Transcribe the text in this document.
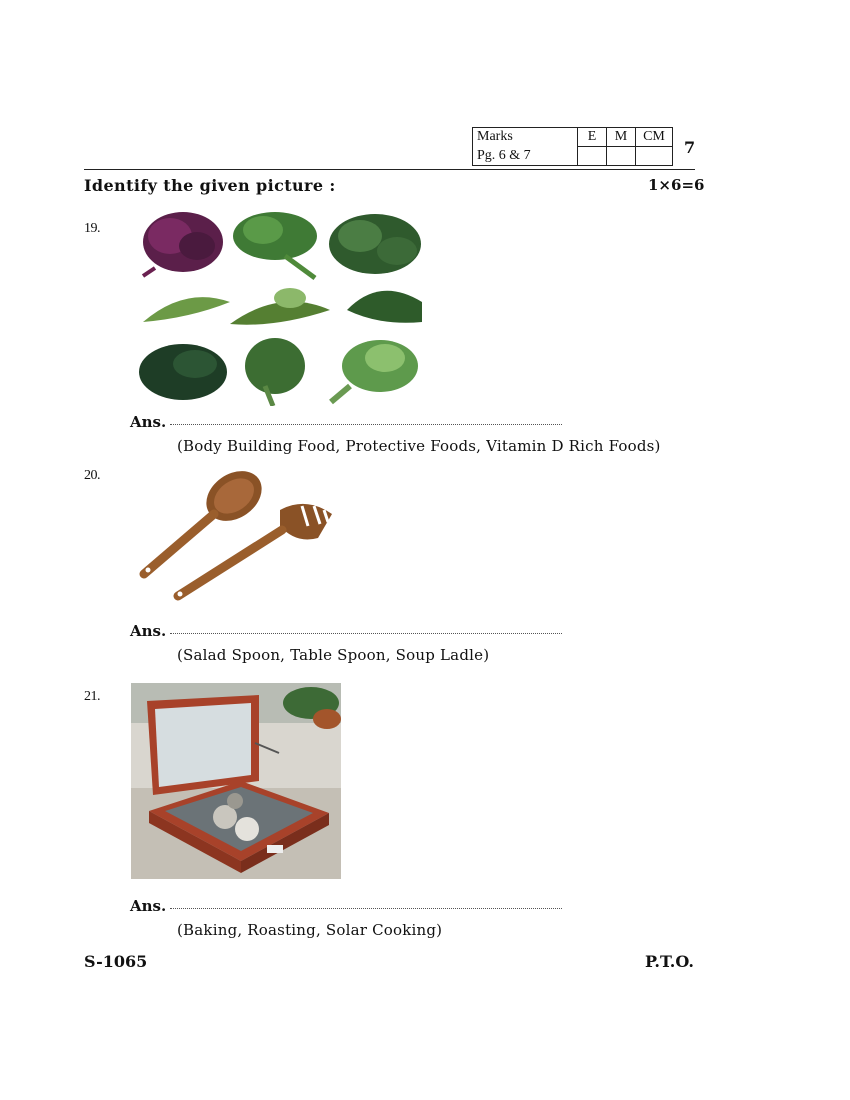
Marks	E	M	CM
Pg. 6 & 7				7
Identify the given picture :	1×6=6
19.
Ans.
(Body Building Food, Protective Foods, Vitamin D Rich Foods)
20.
Ans.
(Salad Spoon, Table Spoon, Soup Ladle)
21.
Ans.
(Baking, Roasting, Solar Cooking)
S-1065	P.T.O.
